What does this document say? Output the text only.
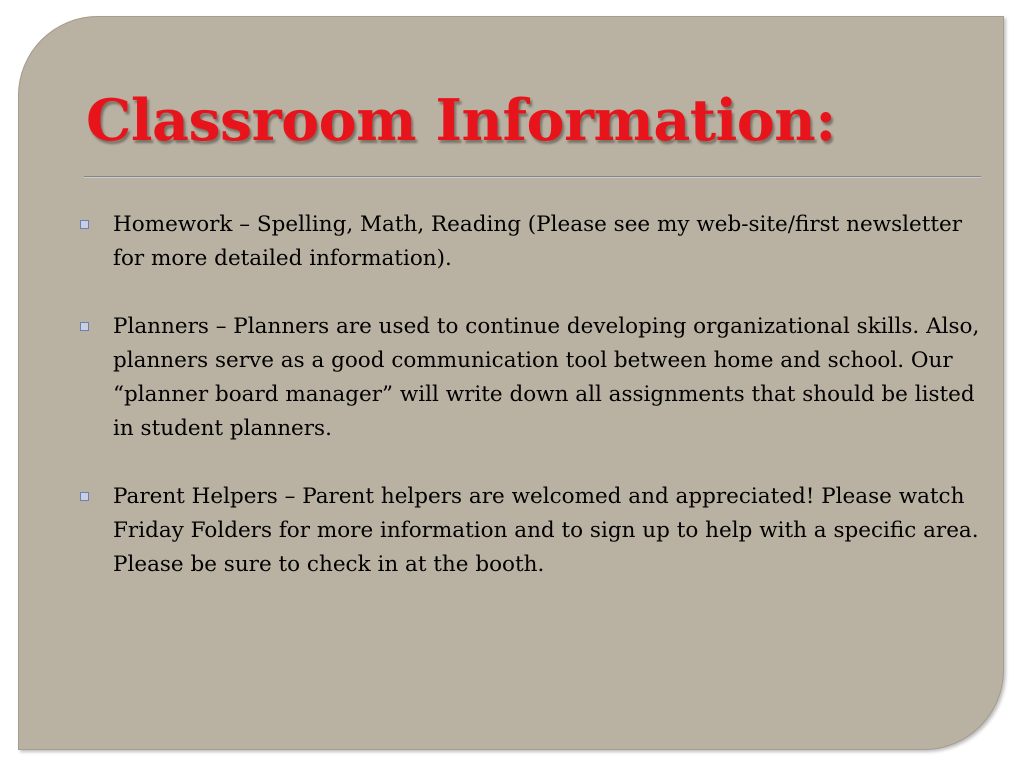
Classroom Information:
Homework – Spelling, Math, Reading (Please see my web-site/first newsletter for more detailed information).
Planners – Planners are used to continue developing organizational skills. Also, planners serve as a good communication tool between home and school. Our “planner board manager” will write down all assignments that should be listed in student planners.
Parent Helpers – Parent helpers are welcomed and appreciated! Please watch Friday Folders for more information and to sign up to help with a specific area. Please be sure to check in at the booth.
